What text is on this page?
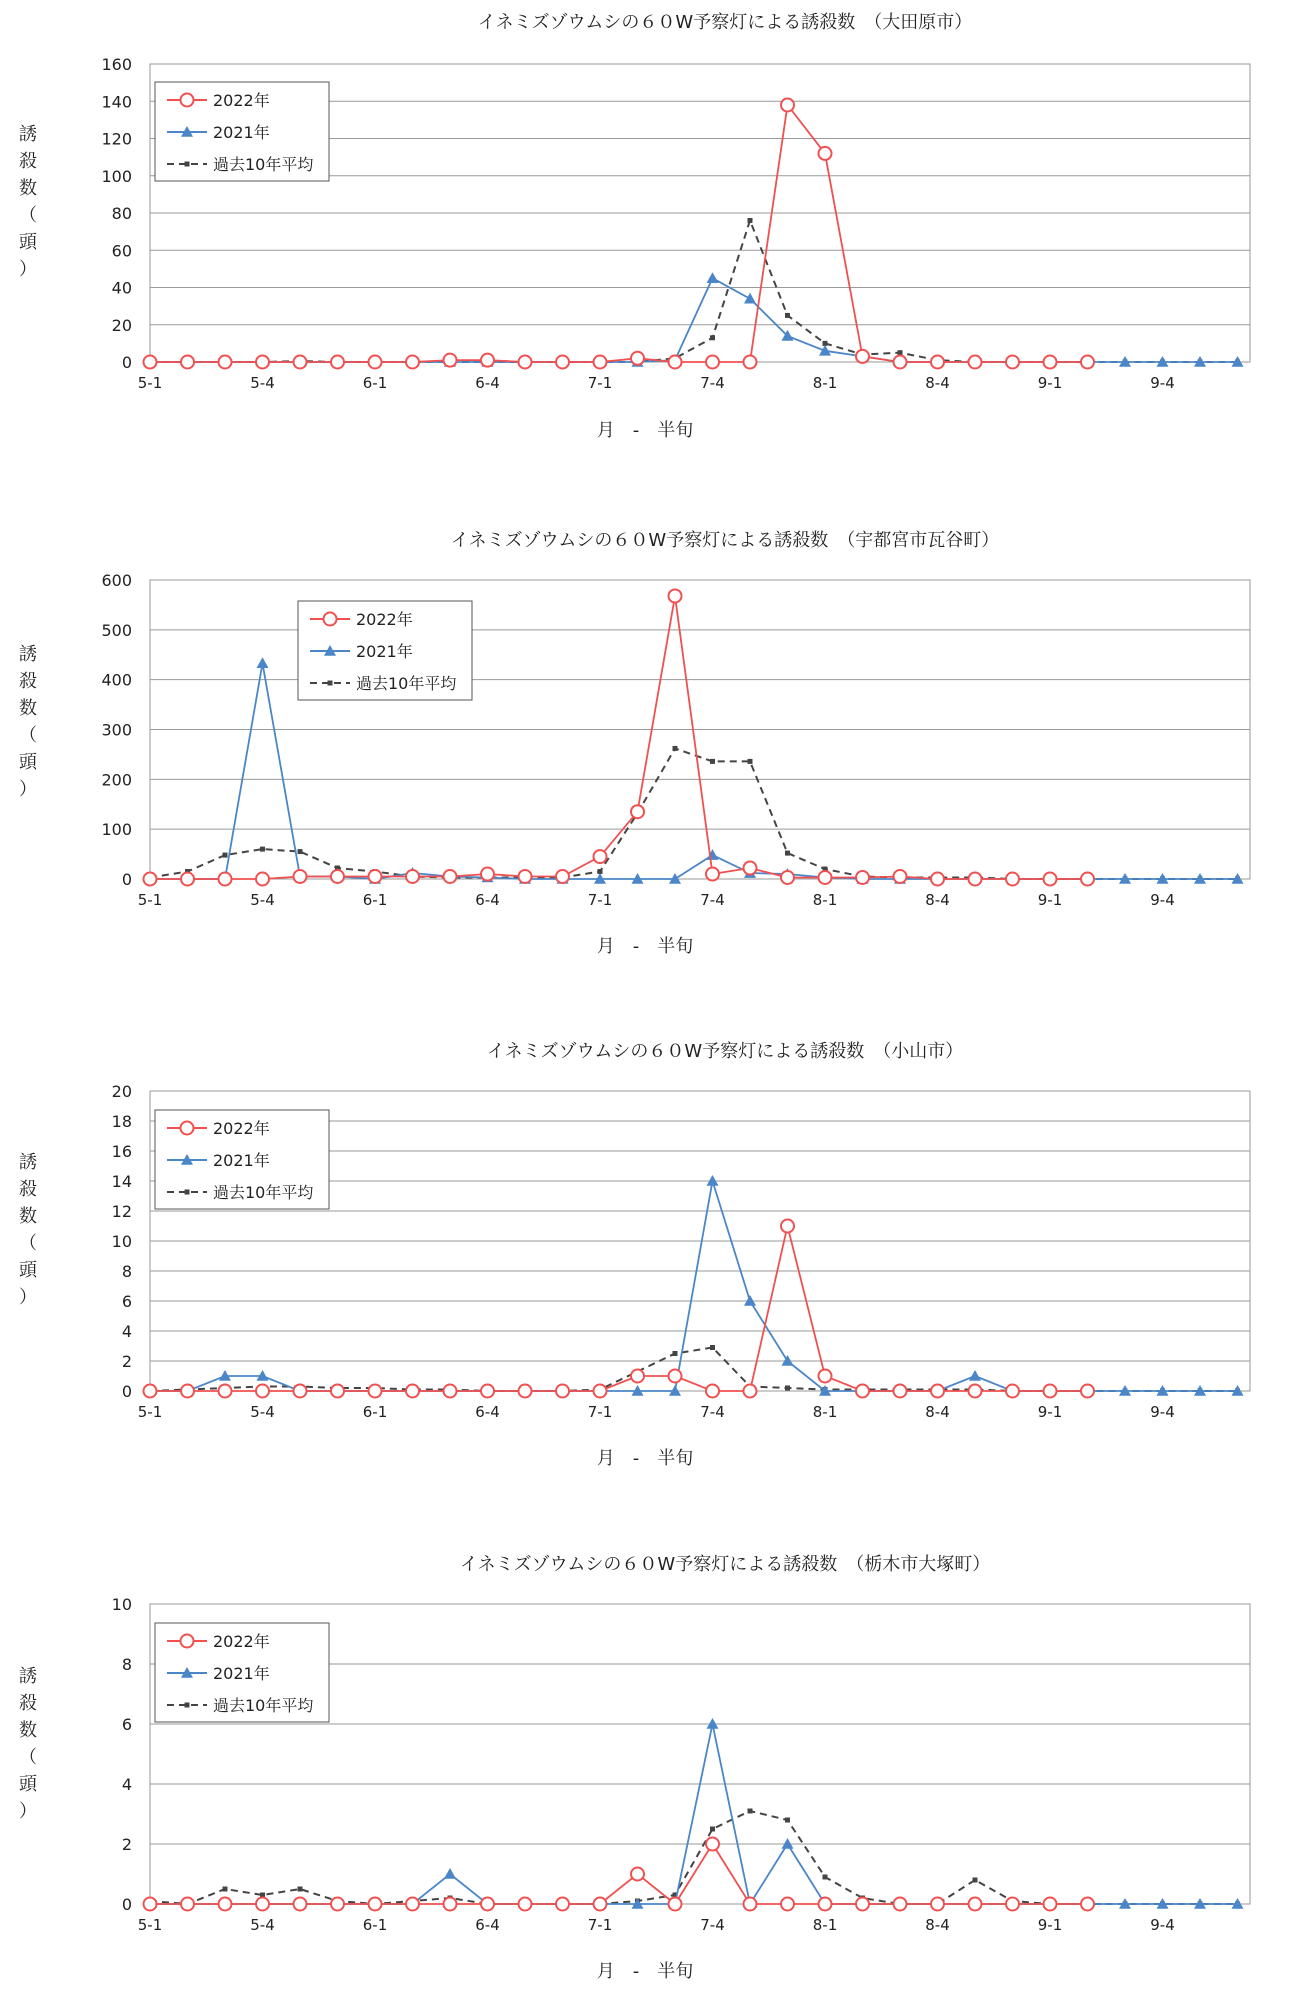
イネミズゾウムシの６０W予察灯による誘殺数　（大田原市）
0
20
40
60
80
100
120
140
160
5-1	5-4	6-1	6-4	7-1	7-4	8-1	8-4	9-1	9-4
月　-　半旬
誘殺数（頭）
2022年
2021年
過去10年平均
イネミズゾウムシの６０W予察灯による誘殺数　（宇都宮市瓦谷町）
0
100
200
300
400
500
600
5-1	5-4	6-1	6-4	7-1	7-4	8-1	8-4	9-1	9-4
月　-　半旬
誘殺数（頭）
2022年
2021年
過去10年平均
イネミズゾウムシの６０W予察灯による誘殺数　（小山市）
0
2
4
6
8
10
12
14
16
18
20
5-1	5-4	6-1	6-4	7-1	7-4	8-1	8-4	9-1	9-4
月　-　半旬
誘殺数（頭）
2022年
2021年
過去10年平均
イネミズゾウムシの６０W予察灯による誘殺数　（栃木市大塚町）
0
2
4
6
8
10
5-1	5-4	6-1	6-4	7-1	7-4	8-1	8-4	9-1	9-4
月　-　半旬
誘殺数（頭）
2022年
2021年
過去10年平均
